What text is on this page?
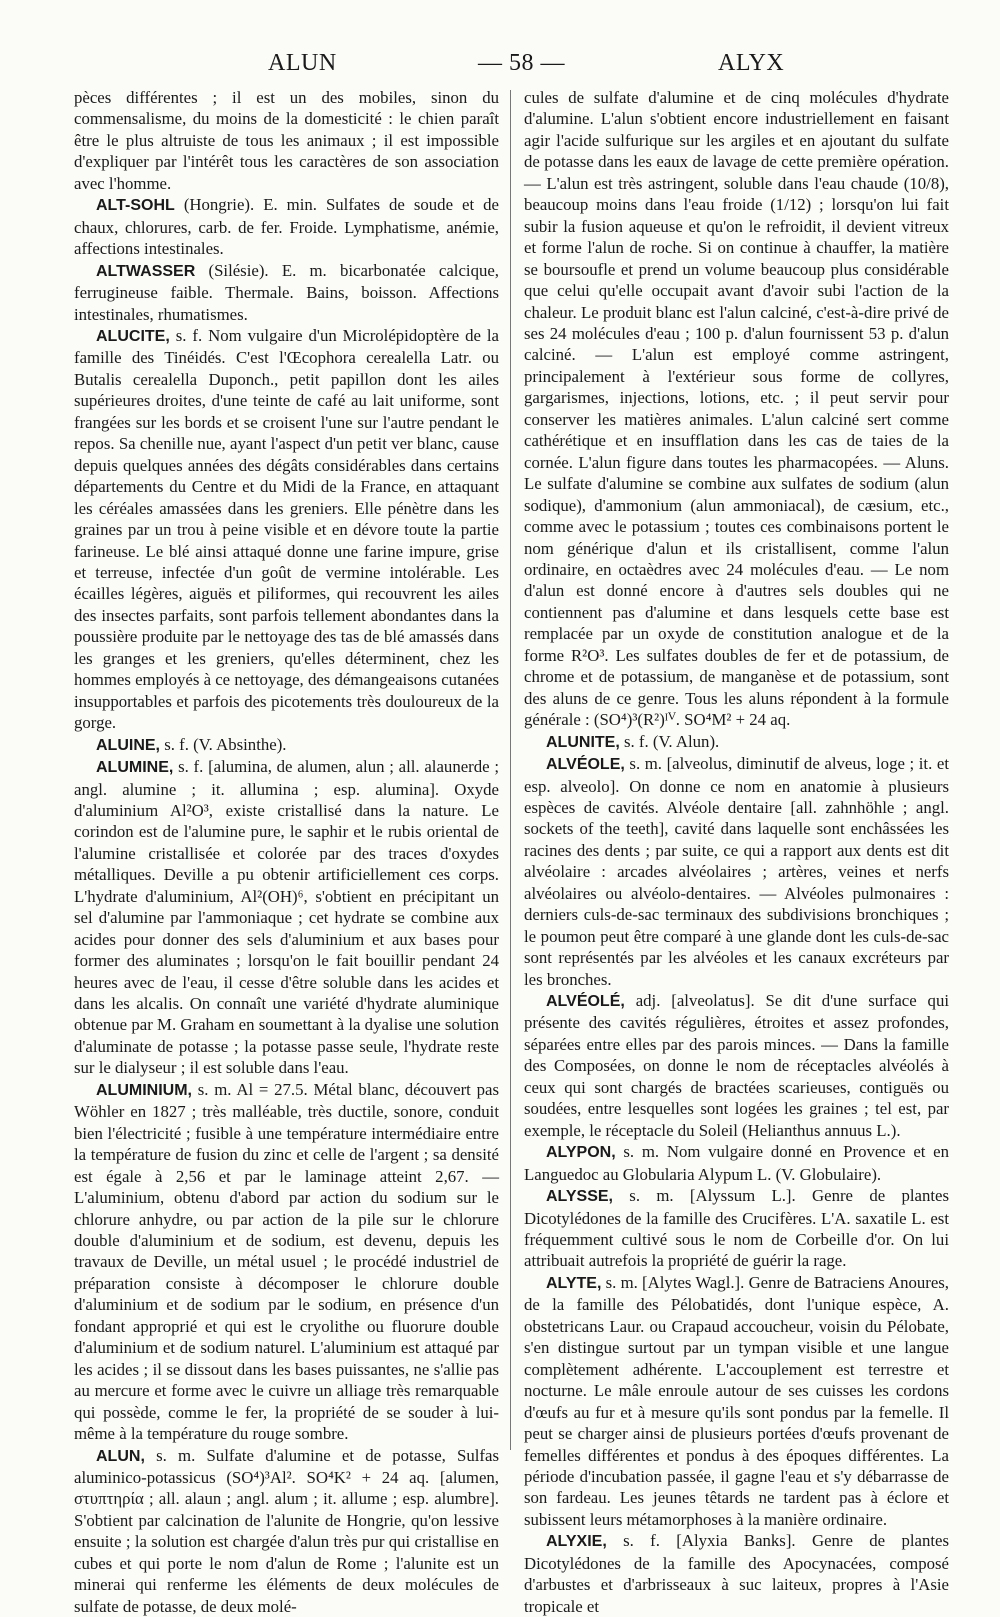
ALUN	— 58 —	ALYX

pèces différentes ; il est un des mobiles, sinon du commensalisme, du moins de la domesticité : le chien paraît être le plus altruiste de tous les animaux ; il est impossible d'expliquer par l'intérêt tous les caractères de son association avec l'homme.

ALT-SOHL (Hongrie). E. min. Sulfates de soude et de chaux, chlorures, carb. de fer. Froide. Lymphatisme, anémie, affections intestinales.

ALTWASSER (Silésie). E. m. bicarbonatée calcique, ferrugineuse faible. Thermale. Bains, boisson. Affections intestinales, rhumatismes.

ALUCITE, s. f. Nom vulgaire d'un Microlépidoptère de la famille des Tinéidés. C'est l'Œcophora cerealella Latr. ou Butalis cerealella Duponch., petit papillon dont les ailes supérieures droites, d'une teinte de café au lait uniforme, sont frangées sur les bords et se croisent l'une sur l'autre pendant le repos. Sa chenille nue, ayant l'aspect d'un petit ver blanc, cause depuis quelques années des dégâts considérables dans certains départements du Centre et du Midi de la France, en attaquant les céréales amassées dans les greniers. Elle pénètre dans les graines par un trou à peine visible et en dévore toute la partie farineuse. Le blé ainsi attaqué donne une farine impure, grise et terreuse, infectée d'un goût de vermine intolérable. Les écailles légères, aiguës et piliformes, qui recouvrent les ailes des insectes parfaits, sont parfois tellement abondantes dans la poussière produite par le nettoyage des tas de blé amassés dans les granges et les greniers, qu'elles déterminent, chez les hommes employés à ce nettoyage, des démangeaisons cutanées insupportables et parfois des picotements très douloureux de la gorge.

ALUINE, s. f. (V. Absinthe).

ALUMINE, s. f. [alumina, de alumen, alun ; all. alaunerde ; angl. alumine ; it. allumina ; esp. alumina]. Oxyde d'aluminium Al²O³, existe cristallisé dans la nature. Le corindon est de l'alumine pure, le saphir et le rubis oriental de l'alumine cristallisée et colorée par des traces d'oxydes métalliques. Deville a pu obtenir artificiellement ces corps. L'hydrate d'aluminium, Al²(OH)⁶, s'obtient en précipitant un sel d'alumine par l'ammoniaque ; cet hydrate se combine aux acides pour donner des sels d'aluminium et aux bases pour former des aluminates ; lorsqu'on le fait bouillir pendant 24 heures avec de l'eau, il cesse d'être soluble dans les acides et dans les alcalis. On connaît une variété d'hydrate aluminique obtenue par M. Graham en soumettant à la dyalise une solution d'aluminate de potasse ; la potasse passe seule, l'hydrate reste sur le dialyseur ; il est soluble dans l'eau.

ALUMINIUM, s. m. Al = 27.5. Métal blanc, découvert pas Wöhler en 1827 ; très malléable, très ductile, sonore, conduit bien l'électricité ; fusible à une température intermédiaire entre la température de fusion du zinc et celle de l'argent ; sa densité est égale à 2,56 et par le laminage atteint 2,67. — L'aluminium, obtenu d'abord par action du sodium sur le chlorure anhydre, ou par action de la pile sur le chlorure double d'aluminium et de sodium, est devenu, depuis les travaux de Deville, un métal usuel ; le procédé industriel de préparation consiste à décomposer le chlorure double d'aluminium et de sodium par le sodium, en présence d'un fondant approprié et qui est le cryolithe ou fluorure double d'aluminium et de sodium naturel. L'aluminium est attaqué par les acides ; il se dissout dans les bases puissantes, ne s'allie pas au mercure et forme avec le cuivre un alliage très remarquable qui possède, comme le fer, la propriété de se souder à lui-même à la température du rouge sombre.

ALUN, s. m. Sulfate d'alumine et de potasse, Sulfas aluminico-potassicus (SO⁴)³Al². SO⁴K² + 24 aq. [alumen, στυπτηρία ; all. alaun ; angl. alum ; it. allume ; esp. alumbre]. S'obtient par calcination de l'alunite de Hongrie, qu'on lessive ensuite ; la solution est chargée d'alun très pur qui cristallise en cubes et qui porte le nom d'alun de Rome ; l'alunite est un minerai qui renferme les éléments de deux molécules de sulfate de potasse, de deux molé-

cules de sulfate d'alumine et de cinq molécules d'hydrate d'alumine. L'alun s'obtient encore industriellement en faisant agir l'acide sulfurique sur les argiles et en ajoutant du sulfate de potasse dans les eaux de lavage de cette première opération. — L'alun est très astringent, soluble dans l'eau chaude (10/8), beaucoup moins dans l'eau froide (1/12) ; lorsqu'on lui fait subir la fusion aqueuse et qu'on le refroidit, il devient vitreux et forme l'alun de roche. Si on continue à chauffer, la matière se boursoufle et prend un volume beaucoup plus considérable que celui qu'elle occupait avant d'avoir subi l'action de la chaleur. Le produit blanc est l'alun calciné, c'est-à-dire privé de ses 24 molécules d'eau ; 100 p. d'alun fournissent 53 p. d'alun calciné. — L'alun est employé comme astringent, principalement à l'extérieur sous forme de collyres, gargarismes, injections, lotions, etc. ; il peut servir pour conserver les matières animales. L'alun calciné sert comme cathérétique et en insufflation dans les cas de taies de la cornée. L'alun figure dans toutes les pharmacopées. — Aluns. Le sulfate d'alumine se combine aux sulfates de sodium (alun sodique), d'ammonium (alun ammoniacal), de cæsium, etc., comme avec le potassium ; toutes ces combinaisons portent le nom générique d'alun et ils cristallisent, comme l'alun ordinaire, en octaèdres avec 24 molécules d'eau. — Le nom d'alun est donné encore à d'autres sels doubles qui ne contiennent pas d'alumine et dans lesquels cette base est remplacée par un oxyde de constitution analogue et de la forme R²O³. Les sulfates doubles de fer et de potassium, de chrome et de potassium, de manganèse et de potassium, sont des aluns de ce genre. Tous les aluns répondent à la formule générale : (SO⁴)³(R²)ᴵⱽ. SO⁴M² + 24 aq.

ALUNITE, s. f. (V. Alun).

ALVÉOLE, s. m. [alveolus, diminutif de alveus, loge ; it. et esp. alveolo]. On donne ce nom en anatomie à plusieurs espèces de cavités. Alvéole dentaire [all. zahnhöhle ; angl. sockets of the teeth], cavité dans laquelle sont enchâssées les racines des dents ; par suite, ce qui a rapport aux dents est dit alvéolaire : arcades alvéolaires ; artères, veines et nerfs alvéolaires ou alvéolo-dentaires. — Alvéoles pulmonaires : derniers culs-de-sac terminaux des subdivisions bronchiques ; le poumon peut être comparé à une glande dont les culs-de-sac sont représentés par les alvéoles et les canaux excréteurs par les bronches.

ALVÉOLÉ, adj. [alveolatus]. Se dit d'une surface qui présente des cavités régulières, étroites et assez profondes, séparées entre elles par des parois minces. — Dans la famille des Composées, on donne le nom de réceptacles alvéolés à ceux qui sont chargés de bractées scarieuses, contiguës ou soudées, entre lesquelles sont logées les graines ; tel est, par exemple, le réceptacle du Soleil (Helianthus annuus L.).

ALYPON, s. m. Nom vulgaire donné en Provence et en Languedoc au Globularia Alypum L. (V. Globulaire).

ALYSSE, s. m. [Alyssum L.]. Genre de plantes Dicotylédones de la famille des Crucifères. L'A. saxatile L. est fréquemment cultivé sous le nom de Corbeille d'or. On lui attribuait autrefois la propriété de guérir la rage.

ALYTE, s. m. [Alytes Wagl.]. Genre de Batraciens Anoures, de la famille des Pélobatidés, dont l'unique espèce, A. obstetricans Laur. ou Crapaud accoucheur, voisin du Pélobate, s'en distingue surtout par un tympan visible et une langue complètement adhérente. L'accouplement est terrestre et nocturne. Le mâle enroule autour de ses cuisses les cordons d'œufs au fur et à mesure qu'ils sont pondus par la femelle. Il peut se charger ainsi de plusieurs portées d'œufs provenant de femelles différentes et pondus à des époques différentes. La période d'incubation passée, il gagne l'eau et s'y débarrasse de son fardeau. Les jeunes têtards ne tardent pas à éclore et subissent leurs métamorphoses à la manière ordinaire.

ALYXIE, s. f. [Alyxia Banks]. Genre de plantes Dicotylédones de la famille des Apocynacées, composé d'arbustes et d'arbrisseaux à suc laiteux, propres à l'Asie tropicale et
